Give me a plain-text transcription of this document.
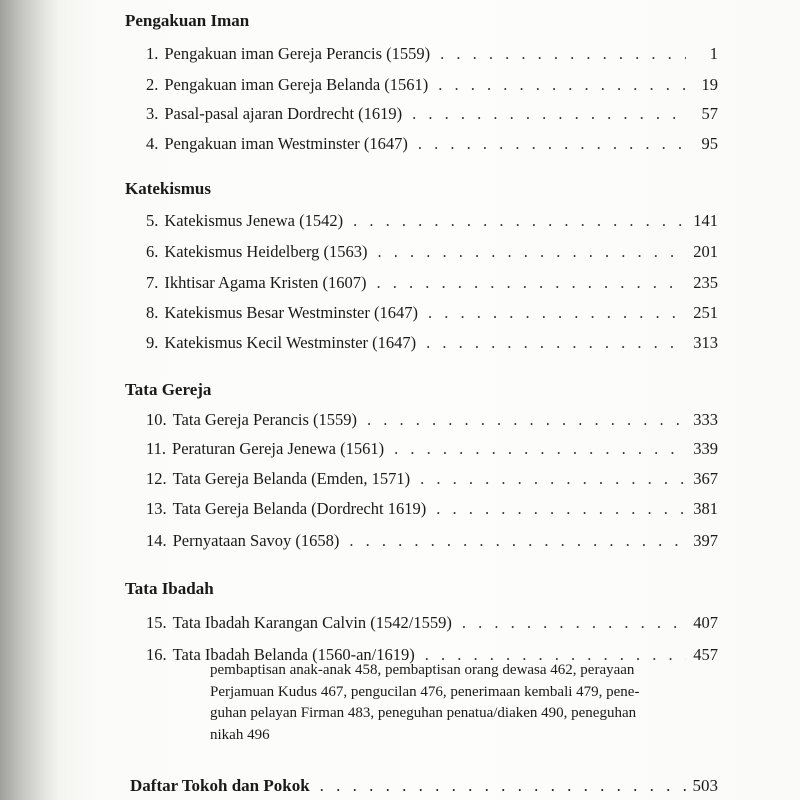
Pengakuan Iman
1. Pengakuan iman Gereja Perancis (1559) . . .	1
2. Pengakuan iman Gereja Belanda (1561) . . .	19
3. Pasal-pasal ajaran Dordrecht (1619) . . .	57
4. Pengakuan iman Westminster (1647) . . .	95
Katekismus
5. Katekismus Jenewa (1542) . . .	141
6. Katekismus Heidelberg (1563) . . .	201
7. Ikhtisar Agama Kristen (1607) . . .	235
8. Katekismus Besar Westminster (1647) . . .	251
9. Katekismus Kecil Westminster (1647) . . .	313
Tata Gereja
10. Tata Gereja Perancis (1559) . . .	333
11. Peraturan Gereja Jenewa (1561) . . .	339
12. Tata Gereja Belanda (Emden, 1571) . . .	367
13. Tata Gereja Belanda (Dordrecht 1619) . . .	381
14. Pernyataan Savoy (1658) . . .	397
Tata Ibadah
15. Tata Ibadah Karangan Calvin (1542/1559) . . .	407
16. Tata Ibadah Belanda (1560-an/1619) . . .	457
pembaptisan anak-anak 458, pembaptisan orang dewasa 462, perayaan
Perjamuan Kudus 467, pengucilan 476, penerimaan kembali 479, pene-
guhan pelayan Firman 483, peneguhan penatua/diaken 490, peneguhan
nikah 496
Daftar Tokoh dan Pokok . . .	503
